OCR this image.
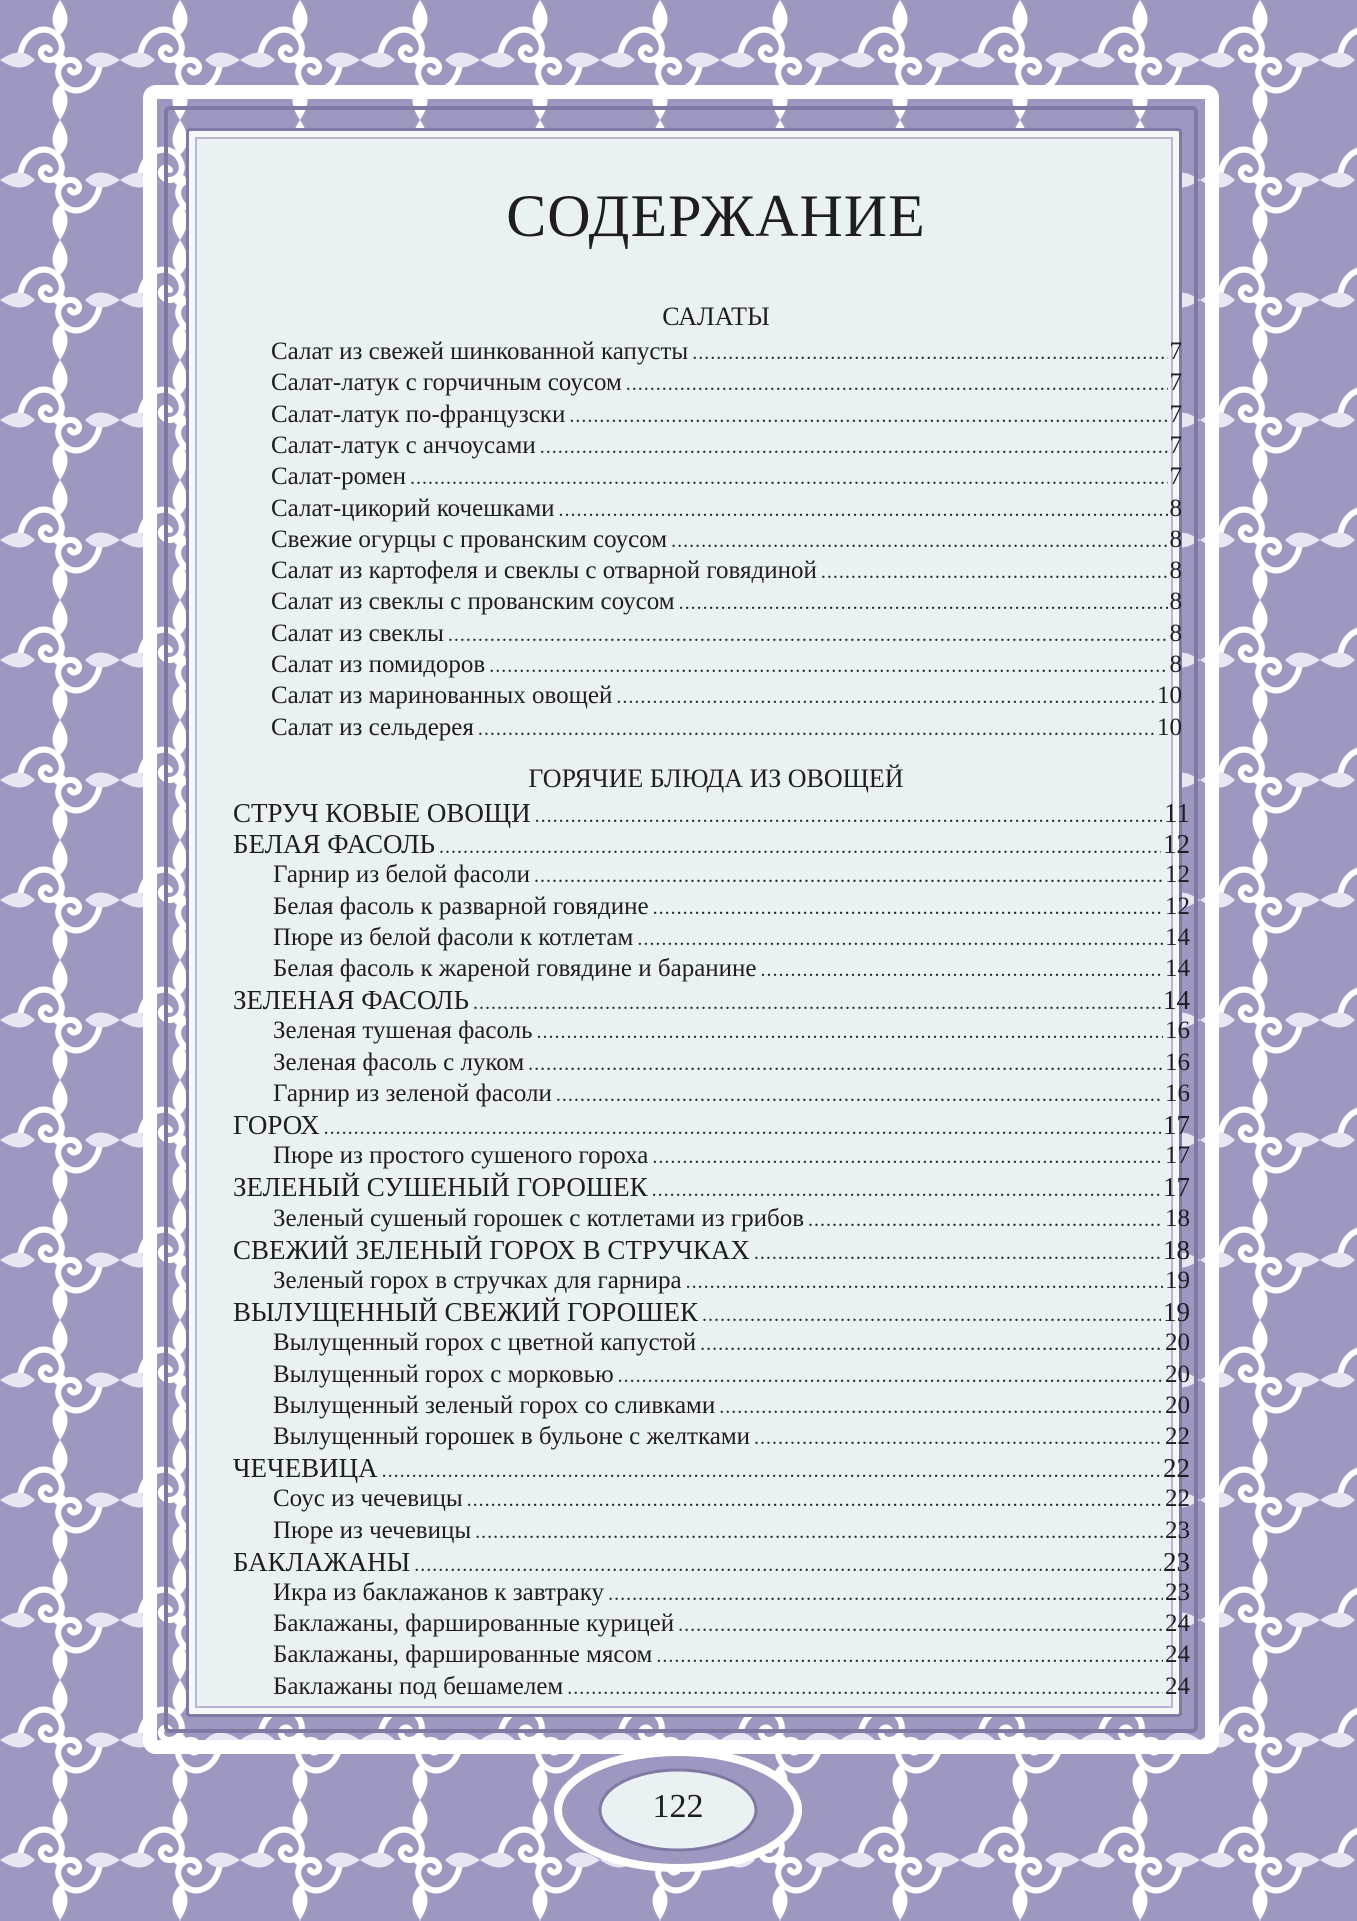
СОДЕРЖАНИЕ
САЛАТЫ
Салат из свежей шинкованной капусты .....	7
Салат-латук с горчичным соусом .....	7
Салат-латук по-французски .....	7
Салат-латук с анчоусами .....	7
Салат-ромен .....	7
Салат-цикорий кочешками .....	8
Свежие огурцы с прованским соусом .....	8
Салат из картофеля и свеклы с отварной говядиной .....	8
Салат из свеклы с прованским соусом .....	8
Салат из свеклы .....	8
Салат из помидоров .....	8
Салат из маринованных овощей .....	10
Салат из сельдерея .....	10
ГОРЯЧИЕ БЛЮДА ИЗ ОВОЩЕЙ
СТРУЧ КОВЫЕ ОВОЩИ .....	11
БЕЛАЯ ФАСОЛЬ .....	12
Гарнир из белой фасоли .....	12
Белая фасоль к разварной говядине .....	12
Пюре из белой фасоли к котлетам .....	14
Белая фасоль к жареной говядине и баранине .....	14
ЗЕЛЕНАЯ ФАСОЛЬ .....	14
Зеленая тушеная фасоль .....	16
Зеленая фасоль с луком .....	16
Гарнир из зеленой фасоли .....	16
ГОРОХ .....	17
Пюре из простого сушеного гороха .....	17
ЗЕЛЕНЫЙ СУШЕНЫЙ ГОРОШЕК .....	17
Зеленый сушеный горошек с котлетами из грибов .....	18
СВЕЖИЙ ЗЕЛЕНЫЙ ГОРОХ В СТРУЧКАХ .....	18
Зеленый горох в стручках для гарнира .....	19
ВЫЛУЩЕННЫЙ СВЕЖИЙ ГОРОШЕК .....	19
Вылущенный горох с цветной капустой .....	20
Вылущенный горох с морковью .....	20
Вылущенный зеленый горох со сливками .....	20
Вылущенный горошек в бульоне с желтками .....	22
ЧЕЧЕВИЦА .....	22
Соус из чечевицы .....	22
Пюре из чечевицы .....	23
БАКЛАЖАНЫ .....	23
Икра из баклажанов к завтраку .....	23
Баклажаны, фаршированные курицей .....	24
Баклажаны, фаршированные мясом .....	24
Баклажаны под бешамелем .....	24
122
